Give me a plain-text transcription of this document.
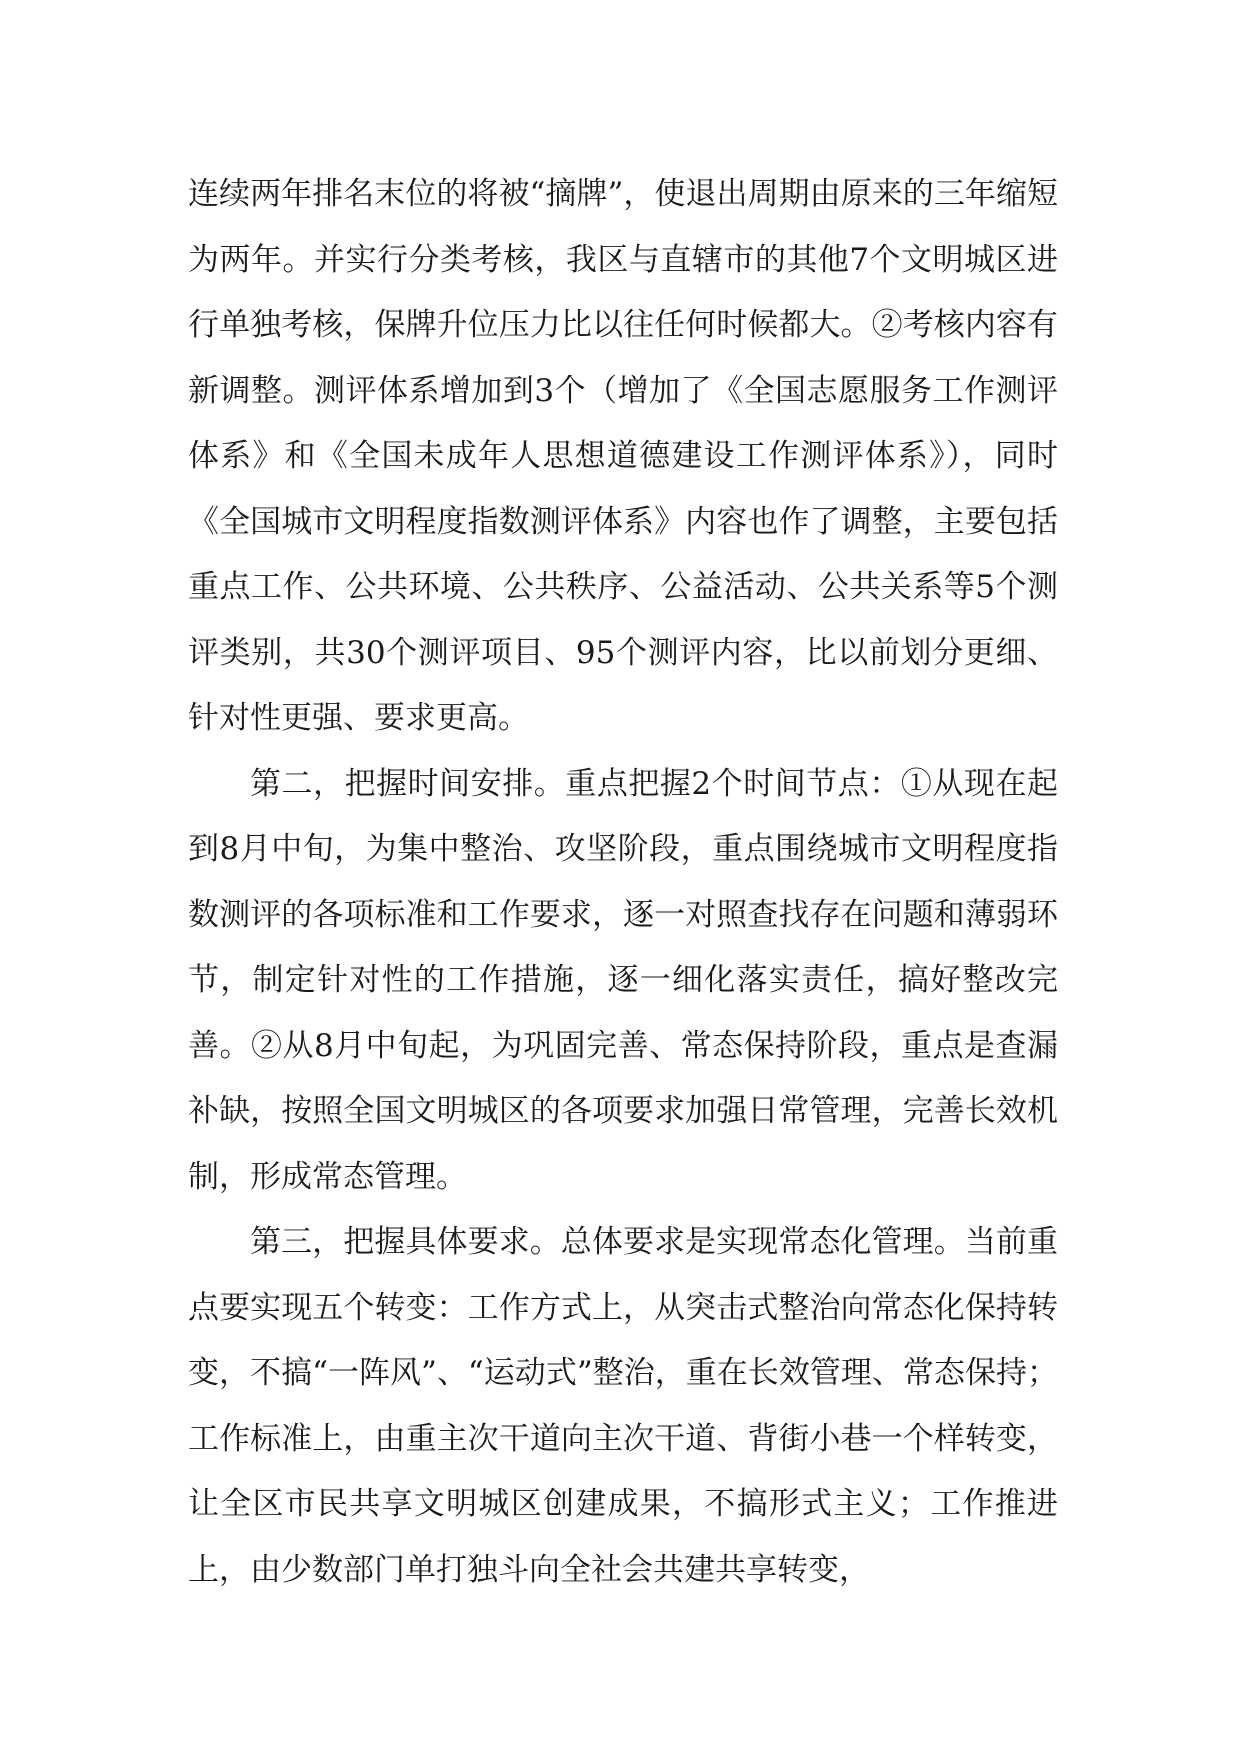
连续两年排名末位的将被“摘牌”，使退出周期由原来的三年缩短为两年。并实行分类考核，我区与直辖市的其他7个文明城区进行单独考核，保牌升位压力比以往任何时候都大。②考核内容有新调整。测评体系增加到3个（增加了《全国志愿服务工作测评体系》和《全国未成年人思想道德建设工作测评体系》），同时《全国城市文明程度指数测评体系》内容也作了调整，主要包括重点工作、公共环境、公共秩序、公益活动、公共关系等5个测评类别，共30个测评项目、95个测评内容，比以前划分更细、针对性更强、要求更高。

第二，把握时间安排。重点把握2个时间节点：①从现在起到8月中旬，为集中整治、攻坚阶段，重点围绕城市文明程度指数测评的各项标准和工作要求，逐一对照查找存在问题和薄弱环节，制定针对性的工作措施，逐一细化落实责任，搞好整改完善。②从8月中旬起，为巩固完善、常态保持阶段，重点是查漏补缺，按照全国文明城区的各项要求加强日常管理，完善长效机制，形成常态管理。

第三，把握具体要求。总体要求是实现常态化管理。当前重点要实现五个转变：工作方式上，从突击式整治向常态化保持转变，不搞“一阵风”、“运动式”整治，重在长效管理、常态保持；工作标准上，由重主次干道向主次干道、背街小巷一个样转变，让全区市民共享文明城区创建成果，不搞形式主义；工作推进上，由少数部门单打独斗向全社会共建共享转变，
